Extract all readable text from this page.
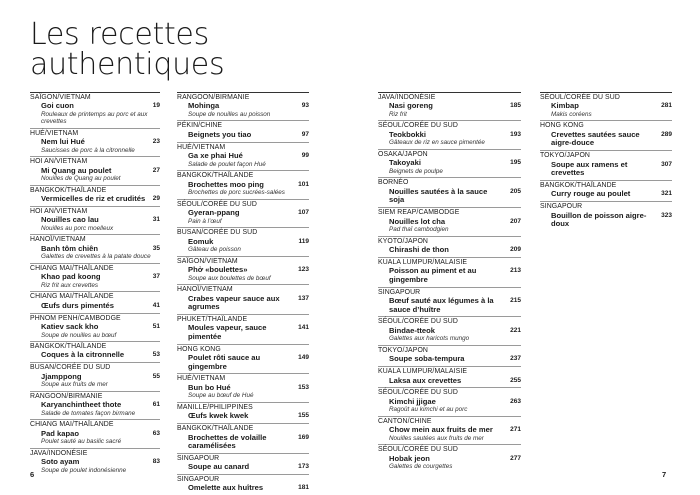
Les recettes
authentiques
SAÏGON/VIETNAM
Goi cuon	19
Rouleaux de printemps au porc et aux crevettes
HUÉ/VIETNAM
Nem lui Hué	23
Saucisses de porc à la citronnelle
HOI AN/VIETNAM
Mi Quang au poulet	27
Nouilles de Quang au poulet
BANGKOK/THAÏLANDE
Vermicelles de riz et crudités	29
HOI AN/VIETNAM
Nouilles cao lau	31
Nouilles au porc moelleux
HANOÏ/VIETNAM
Banh tôm chiên	35
Galettes de crevettes à la patate douce
CHIANG MAI/THAÏLANDE
Khao pad koong	37
Riz frit aux crevettes
CHIANG MAI/THAÏLANDE
Œufs durs pimentés	41
PHNOM PENH/CAMBODGE
Katiev sack kho	51
Soupe de nouilles au bœuf
BANGKOK/THAÏLANDE
Coques à la citronnelle	53
BUSAN/CORÉE DU SUD
Jjamppong	55
Soupe aux fruits de mer
RANGOON/BIRMANIE
Karyanchintheet thote	61
Salade de tomates façon birmane
CHIANG MAI/THAÏLANDE
Pad kapao	63
Poulet sauté au basilic sacré
JAVA/INDONÉSIE
Soto ayam	83
Soupe de poulet indonésienne
RANGOON/BIRMANIE
Mohinga	93
Soupe de nouilles au poisson
PÉKIN/CHINE
Beignets you tiao	97
HUÉ/VIETNAM
Ga xe phai Hué	99
Salade de poulet façon Hué
BANGKOK/THAÏLANDE
Brochettes moo ping	101
Brochettes de porc sucrées-salées
SÉOUL/CORÉE DU SUD
Gyeran-ppang	107
Pain à l’œuf
BUSAN/CORÉE DU SUD
Eomuk	119
Gâteau de poisson
SAÏGON/VIETNAM
Phở «boulettes»	123
Soupe aux boulettes de bœuf
HANOÏ/VIETNAM
Crabes vapeur sauce aux agrumes
137
PHUKET/THAÏLANDE
Moules vapeur, sauce pimentée
141
HONG KONG
Poulet rôti sauce au gingembre
149
HUÉ/VIETNAM
Bun bo Hué	153
Soupe au bœuf de Hué
MANILLE/PHILIPPINES
Œufs kwek kwek	155
BANGKOK/THAÏLANDE
Brochettes de volaille caramélisées
169
SINGAPOUR
Soupe au canard	173
SINGAPOUR
Omelette aux huîtres	181
JAVA/INDONÉSIE
Nasi goreng	185
Riz frit
SÉOUL/CORÉE DU SUD
Teokbokki	193
Gâteaux de riz en sauce pimentée
OSAKA/JAPON
Takoyaki	195
Beignets de poulpe
BORNÉO
Nouilles sautées à la sauce soja
205
SIEM REAP/CAMBODGE
Nouilles lot cha	207
Pad thaï cambodgien
KYOTO/JAPON
Chirashi de thon	209
KUALA LUMPUR/MALAISIE
Poisson au piment et au gingembre
213
SINGAPOUR
Bœuf sauté aux légumes à la sauce d’huître
215
SÉOUL/CORÉE DU SUD
Bindae-tteok	221
Galettes aux haricots mungo
TOKYO/JAPON
Soupe soba-tempura	237
KUALA LUMPUR/MALAISIE
Laksa aux crevettes	255
SÉOUL/CORÉE DU SUD
Kimchi jjigae	263
Ragoût au kimchi et au porc
CANTON/CHINE
Chow mein aux fruits de mer	271
Nouilles sautées aux fruits de mer
SÉOUL/CORÉE DU SUD
Hobak jeon	277
Galettes de courgettes
SÉOUL/CORÉE DU SUD
Kimbap	281
Makis coréens
HONG KONG
Crevettes sautées sauce aigre-douce
289
TOKYO/JAPON
Soupe aux ramens et crevettes
307
BANGKOK/THAÏLANDE
Curry rouge au poulet	321
SINGAPOUR
Bouillon de poisson aigre-doux
323
6	7
